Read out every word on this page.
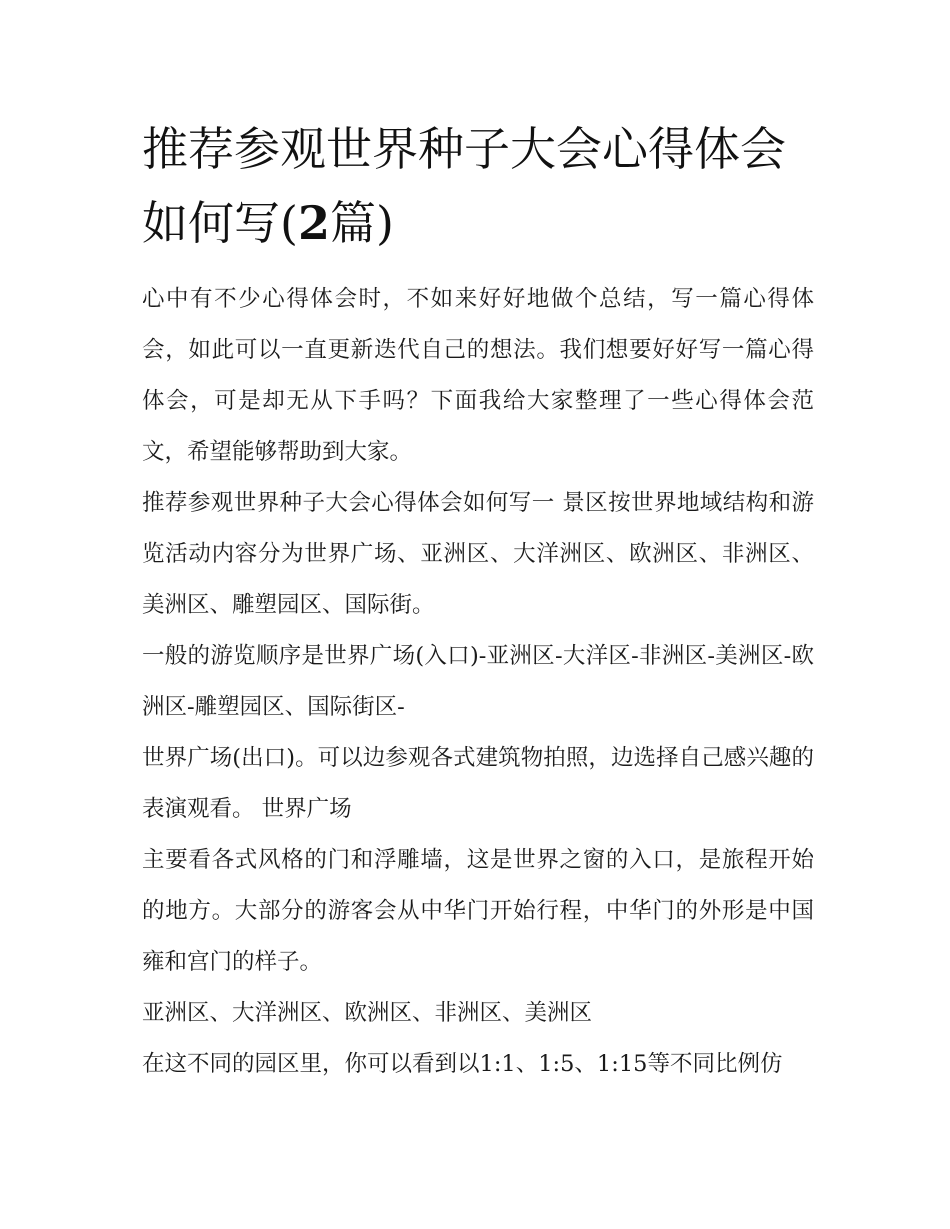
推荐参观世界种子大会心得体会如何写(2篇)

心中有不少心得体会时，不如来好好地做个总结，写一篇心得体会，如此可以一直更新迭代自己的想法。我们想要好好写一篇心得体会，可是却无从下手吗？下面我给大家整理了一些心得体会范文，希望能够帮助到大家。

推荐参观世界种子大会心得体会如何写一 景区按世界地域结构和游览活动内容分为世界广场、亚洲区、大洋洲区、欧洲区、非洲区、美洲区、雕塑园区、国际街。

一般的游览顺序是世界广场(入口)-亚洲区-大洋区-非洲区-美洲区-欧洲区-雕塑园区、国际街区-

世界广场(出口)。可以边参观各式建筑物拍照，边选择自己感兴趣的表演观看。 世界广场

主要看各式风格的门和浮雕墙，这是世界之窗的入口，是旅程开始的地方。大部分的游客会从中华门开始行程，中华门的外形是中国雍和宫门的样子。

亚洲区、大洋洲区、欧洲区、非洲区、美洲区

在这不同的园区里，你可以看到以1:1、1:5、1:15等不同比例仿
